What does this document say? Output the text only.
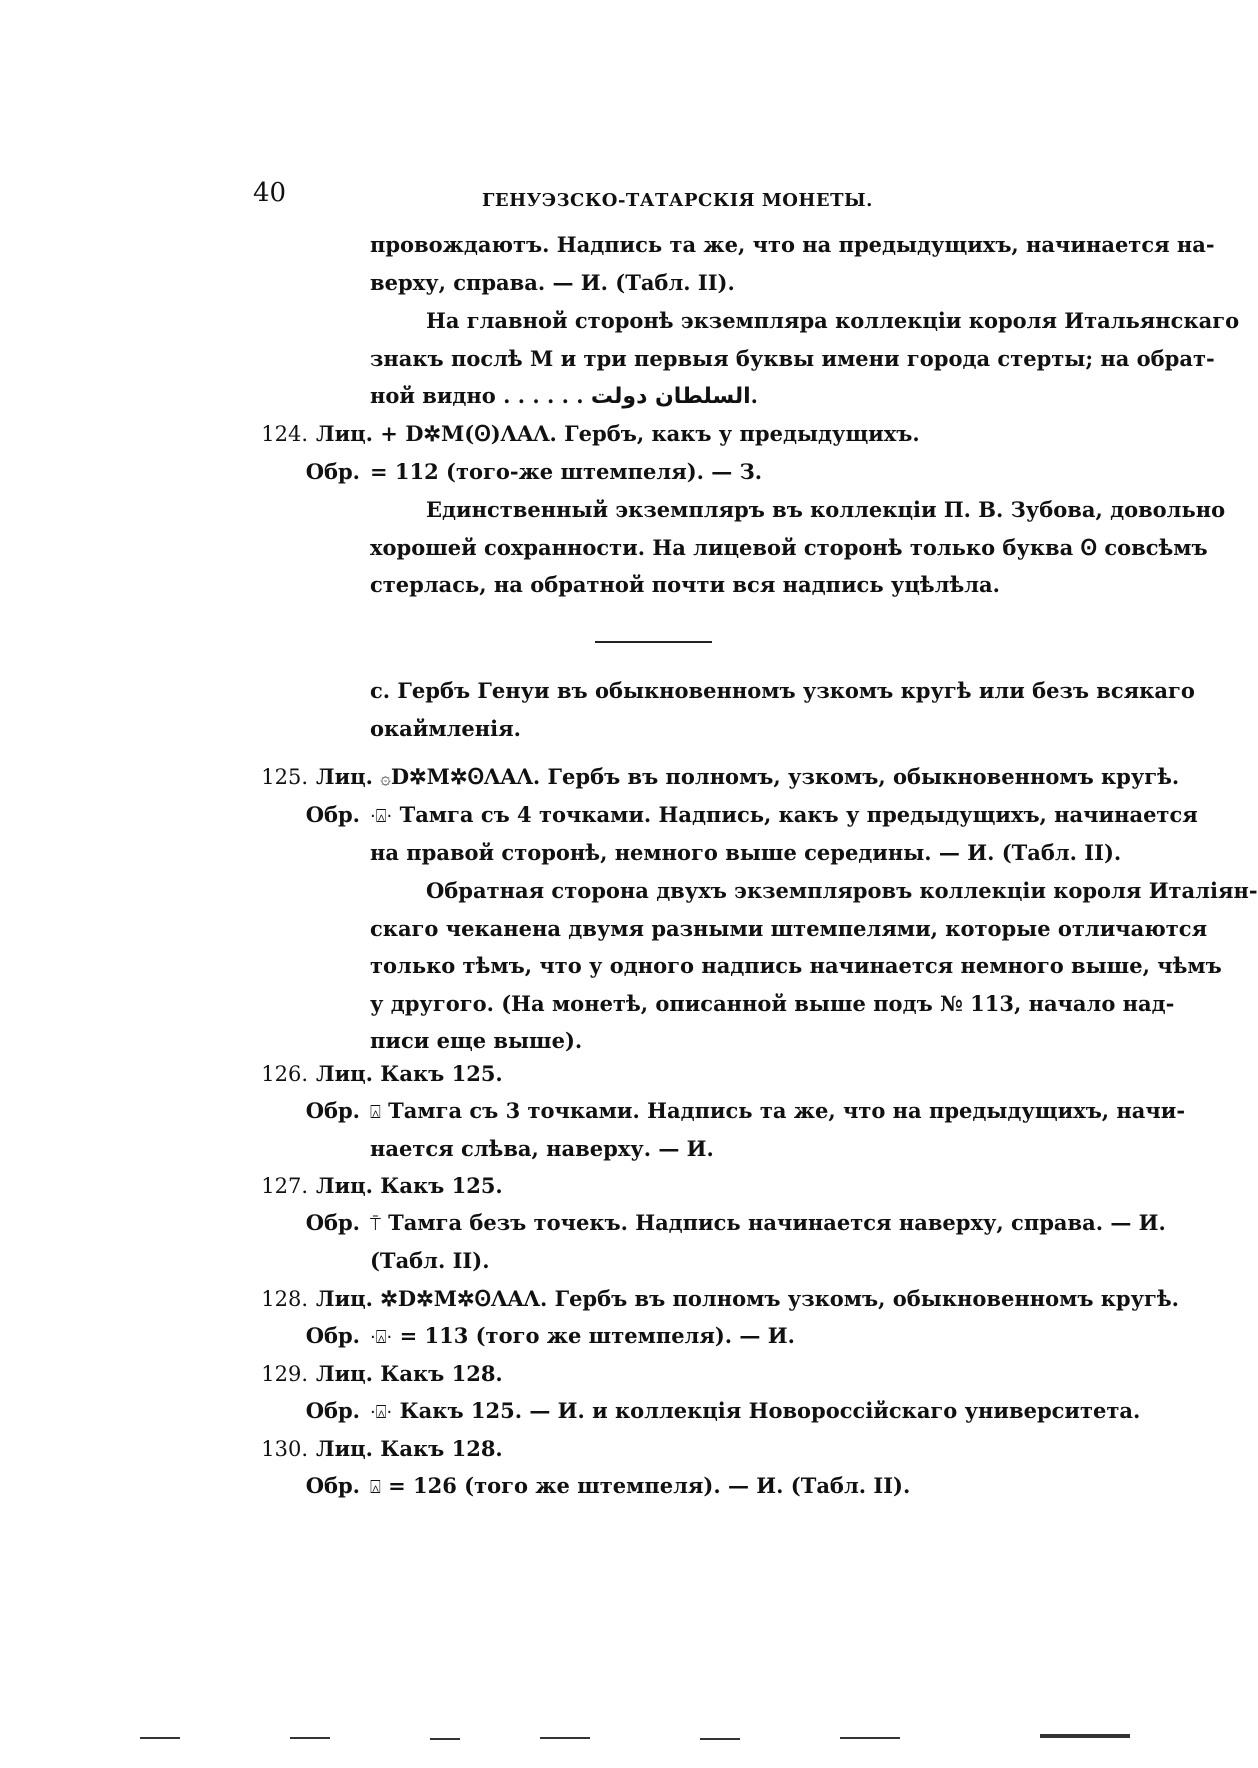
40	ГЕНУЭЗСКО-ТАТАРСКІЯ МОНЕТЫ.
провождаютъ. Надпись та же, что на предыдущихъ, начинается на-
верху, справа. — И. (Табл. II).
На главной сторонѣ экземпляра коллекціи короля Итальянскаго
знакъ послѣ M и три первыя буквы имени города стерты; на обрат-
ной видно . . . . . . السلطان دولت.
124. Лиц. + D✲M(Ꙩ)ΛΑΛ. Гербъ, какъ у предыдущихъ.
Обр. = 112 (того-же штемпеля). — З.
Единственный экземпляръ въ коллекціи П. В. Зубова, довольно
хорошей сохранности. На лицевой сторонѣ только буква Ꙩ совсѣмъ
стерлась, на обратной почти вся надпись уцѣлѣла.
с. Гербъ Генуи въ обыкновенномъ узкомъ кругѣ или безъ всякаго
окаймленія.
125. Лиц. ۞D✲M✲ꙨΛΑΛ. Гербъ въ полномъ, узкомъ, обыкновенномъ кругѣ.
Обр. ·⍓· Тамга съ 4 точками. Надпись, какъ у предыдущихъ, начинается
на правой сторонѣ, немного выше середины. — И. (Табл. II).
Обратная сторона двухъ экземпляровъ коллекціи короля Италіян-
скаго чеканена двумя разными штемпелями, которые отличаются
только тѣмъ, что у одного надпись начинается немного выше, чѣмъ
у другого. (На монетѣ, описанной выше подъ № 113, начало над-
писи еще выше).
126. Лиц. Какъ 125.
Обр. ⍓ Тамга съ 3 точками. Надпись та же, что на предыдущихъ, начи-
нается слѣва, наверху. — И.
127. Лиц. Какъ 125.
Обр. ⍑ Тамга безъ точекъ. Надпись начинается наверху, справа. — И.
(Табл. II).
128. Лиц. ✲D✲M✲ꙨΛΑΛ. Гербъ въ полномъ узкомъ, обыкновенномъ кругѣ.
Обр. ·⍓· = 113 (того же штемпеля). — И.
129. Лиц. Какъ 128.
Обр. ·⍓· Какъ 125. — И. и коллекція Новороссійскаго университета.
130. Лиц. Какъ 128.
Обр. ⍓ = 126 (того же штемпеля). — И. (Табл. II).
